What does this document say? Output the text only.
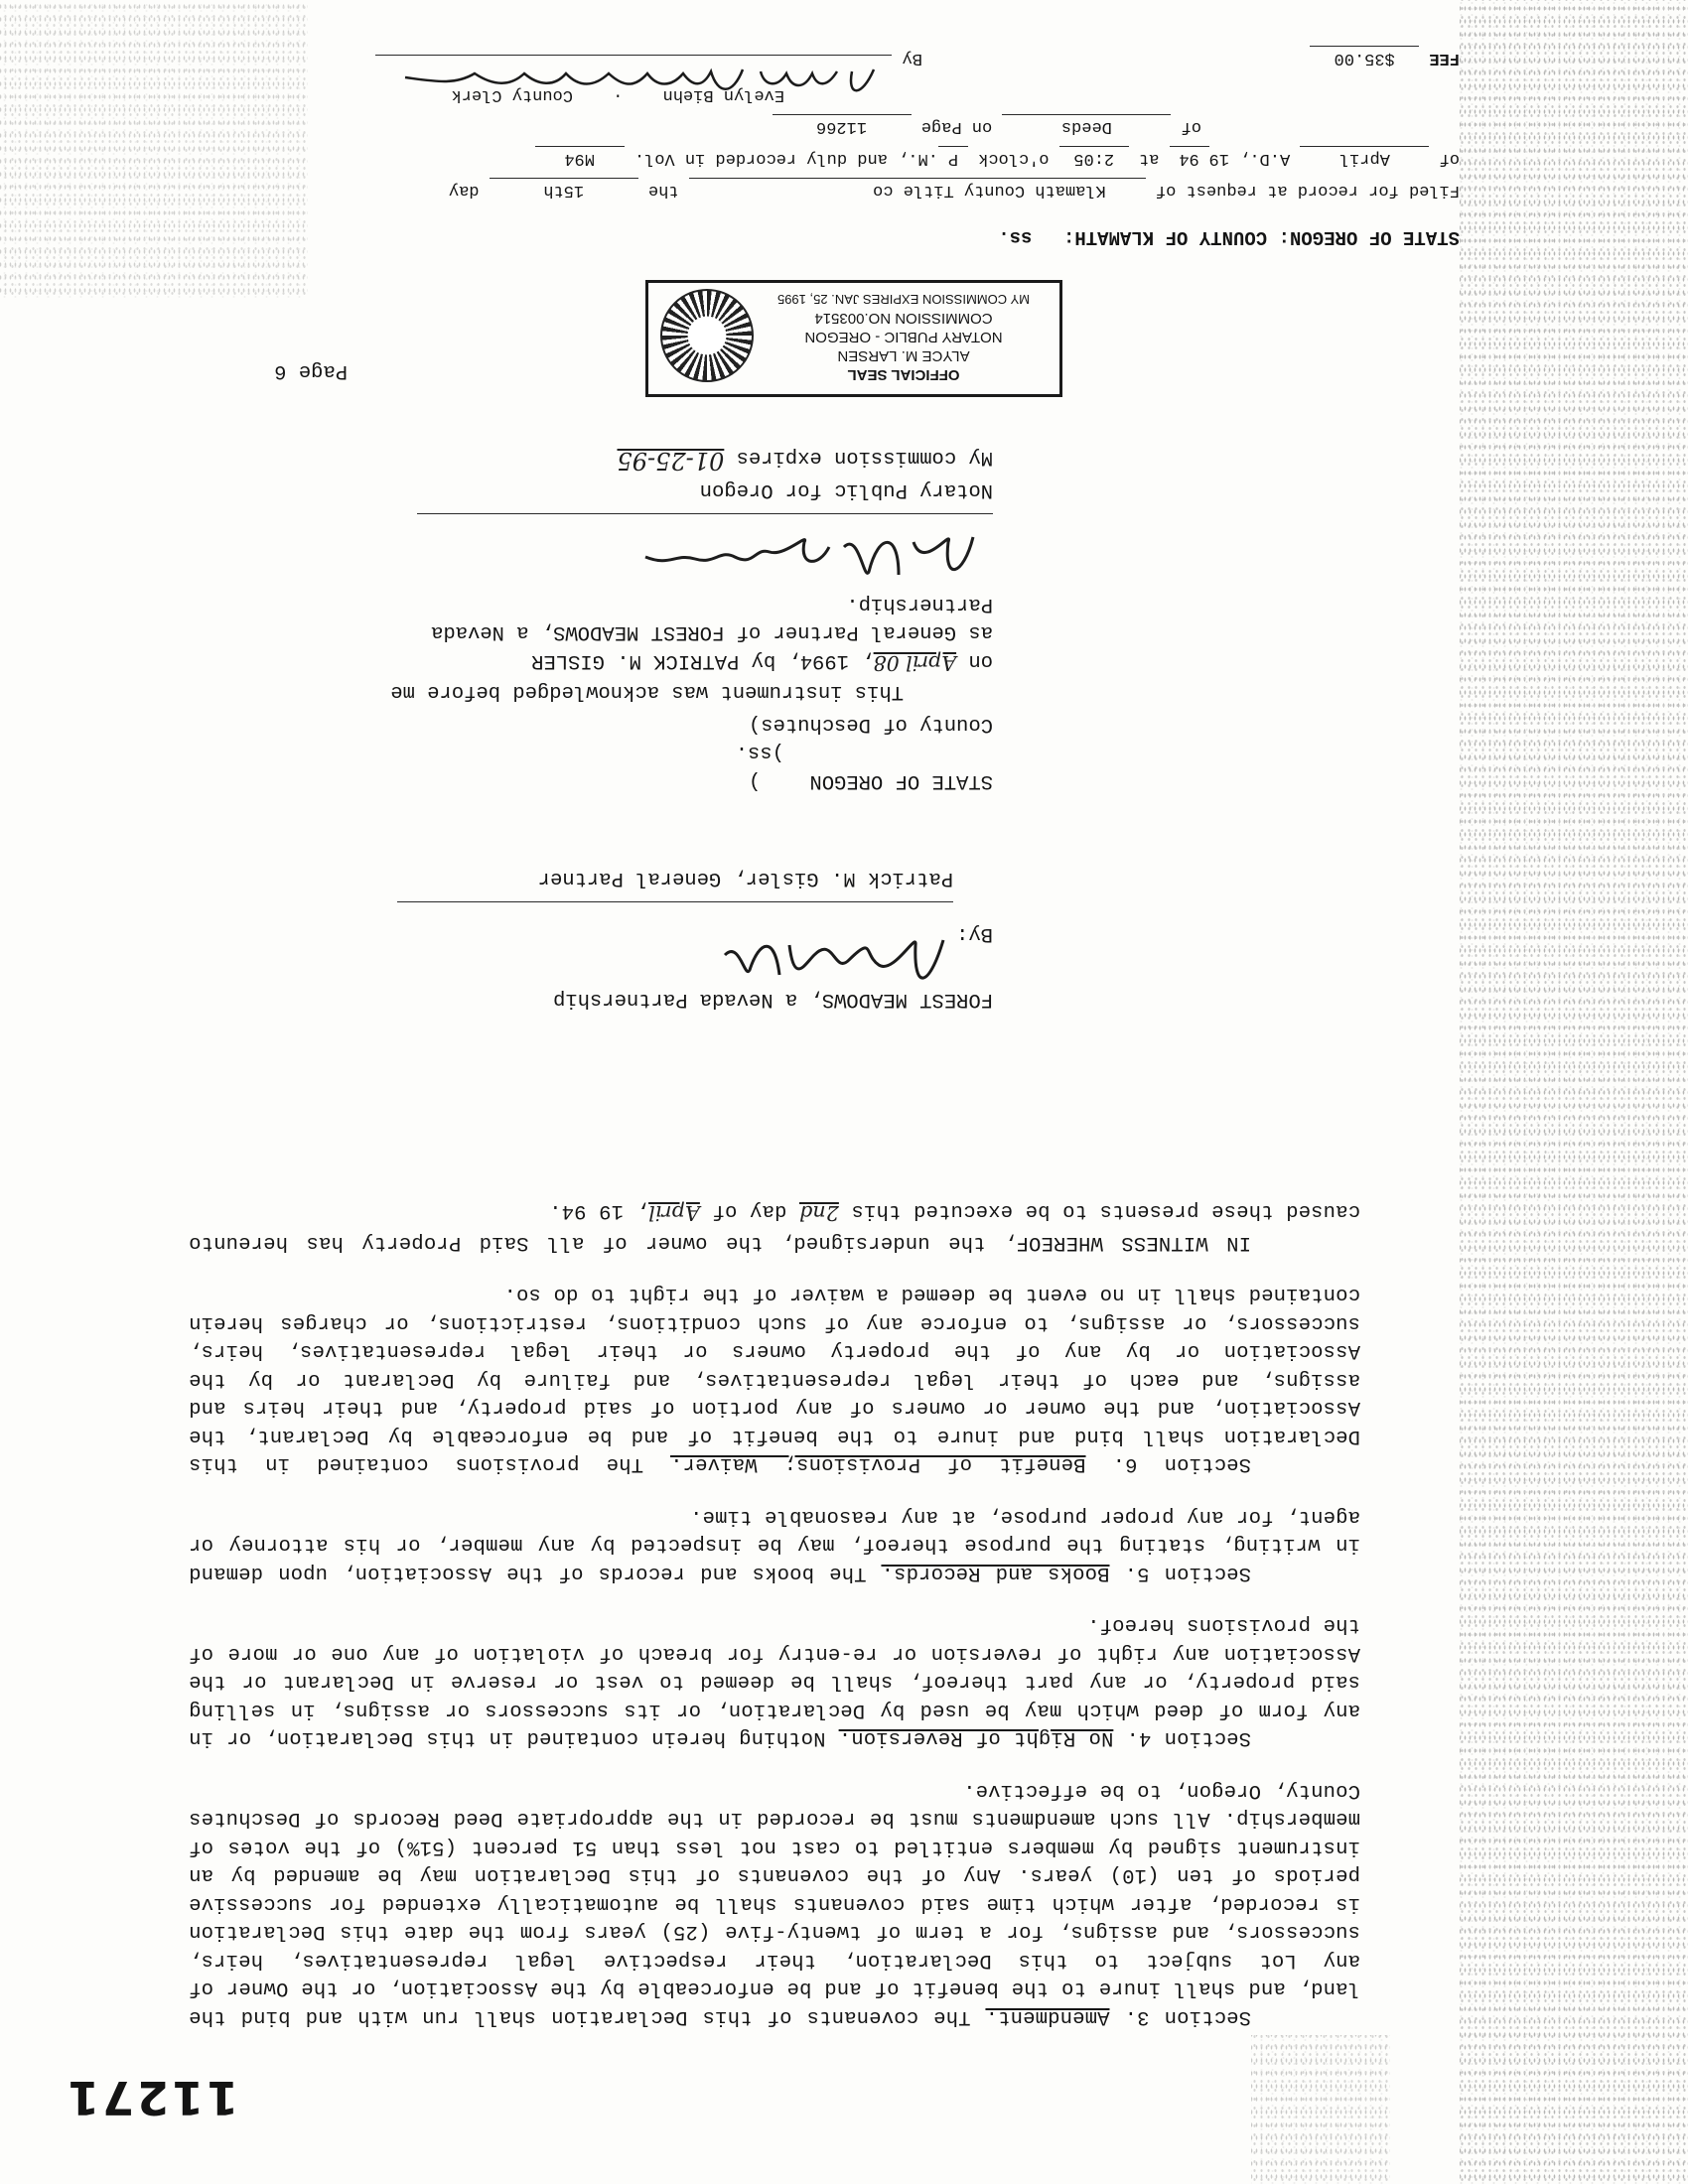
11271

Section 3. Amendment. The covenants of this Declaration shall run with and bind the land, and shall inure to the benefit of and be enforceable by the Association, or the Owner of any Lot subject to this Declaration, their respective legal representatives, heirs, successors, and assigns, for a term of twenty-five (25) years from the date this Declaration is recorded, after which time said covenants shall be automatically extended for successive periods of ten (10) years. Any of the covenants of this Declaration may be amended by an instrument signed by members entitled to cast not less than 51 percent (51%) of the votes of membership. All such amendments must be recorded in the appropriate Deed Records of Deschutes County, Oregon, to be effective.

Section 4. No Right of Reversion. Nothing herein contained in this Declaration, or in any form of deed which may be used by Declaration, or its successors or assigns, in selling said property, or any part thereof, shall be deemed to vest or reserve in Declarant or the Association any right of reversion or re-entry for breach of violation of any one or more of the provisions hereof.

Section 5. Books and Records. The books and records of the Association, upon demand in writing, stating the purpose thereof, may be inspected by any member, or his attorney or agent, for any proper purpose, at any reasonable time.

Section 6. Benefit of Provisions; Waiver. The provisions contained in this Declaration shall bind and inure to the benefit of and be enforceable by Declarant, the Association, and the owner or owners of any portion of said property, and their heirs and assigns, and each of their legal representatives, and failure by Declarant or by the Association or by any of the property owners or their legal representatives, heirs, successors, or assigns, to enforce any of such conditions, restrictions, or charges herein contained shall in no event be deemed a waiver of the right to do so.

IN WITNESS WHEREOF, the undersigned, the owner of all Said Property has hereunto caused these presents to be executed this 2nd day of April, 19 94.

FOREST MEADOWS, a Nevada Partnership
By:
Patrick M. Gisler, General Partner
STATE OF OREGON    )
)ss.
County of Deschutes)
This instrument was acknowledged before me
on April 08, 1994, by PATRICK M. GISLER
as General Partner of FOREST MEADOWS, a Nevada
Partnership.
Notary Public for Oregon
My commission expires 01-25-95
OFFICIAL SEAL
ALYCE M. LARSEN
NOTARY PUBLIC - OREGON
COMMISSION NO.003514
MY COMMISSION EXPIRES JAN. 25, 1995
Page 6
STATE OF OREGON: COUNTY OF KLAMATH: ss.
Filed for record at request of Klamath County Title co the 15th day
of April A.D., 1994 at 2:05 o'clock P.M., and duly recorded in Vol. M94
of Deeds on Page 11266
Evelyn Biehn · County Clerk
FEE $35.00 By
